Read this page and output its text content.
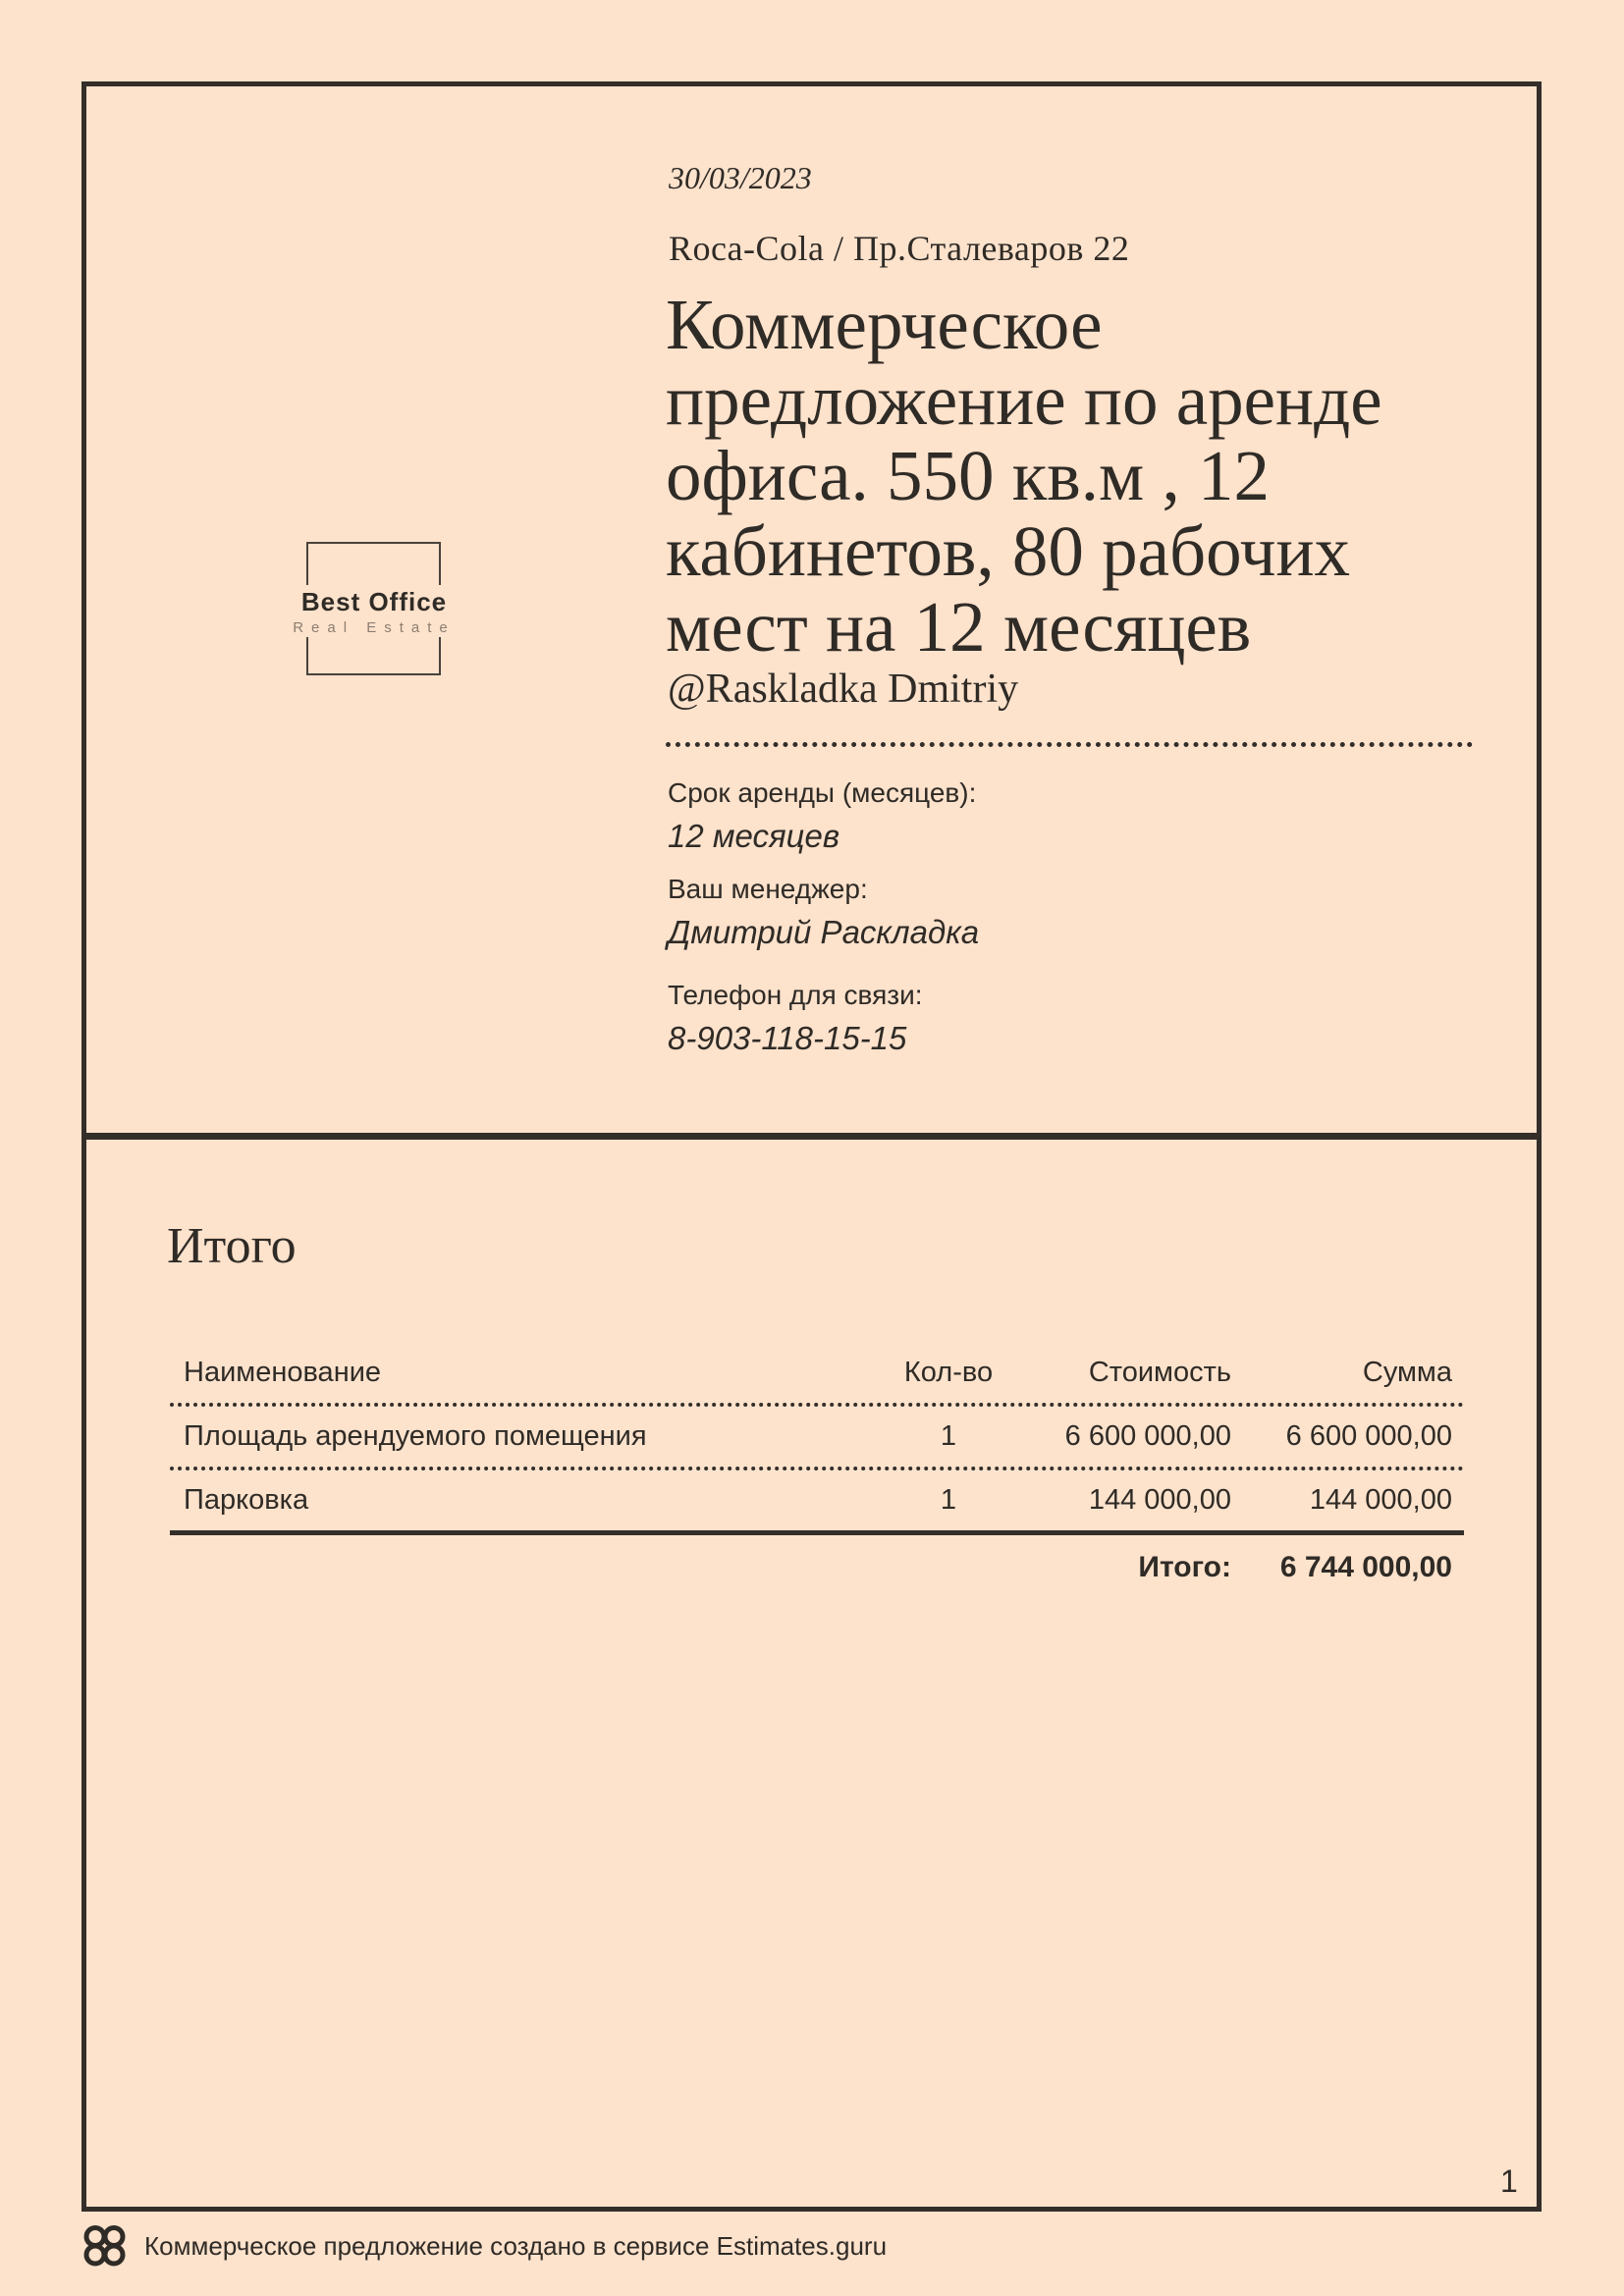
30/03/2023
Roca-Cola / Пр.Сталеваров 22
Коммерческое предложение по аренде офиса. 550 кв.м , 12 кабинетов, 80 рабочих мест на 12 месяцев
Best Office
Real Estate
@Raskladka Dmitriy
Срок аренды (месяцев):
12 месяцев
Ваш менеджер:
Дмитрий Раскладка
Телефон для связи:
8-903-118-15-15
Итого
Наименование	Кол-во	Стоимость	Сумма
Площадь арендуемого помещения	1	6 600 000,00	6 600 000,00
Парковка	1	144 000,00	144 000,00
Итого:	6 744 000,00
1
Коммерческое предложение создано в сервисе Estimates.guru
